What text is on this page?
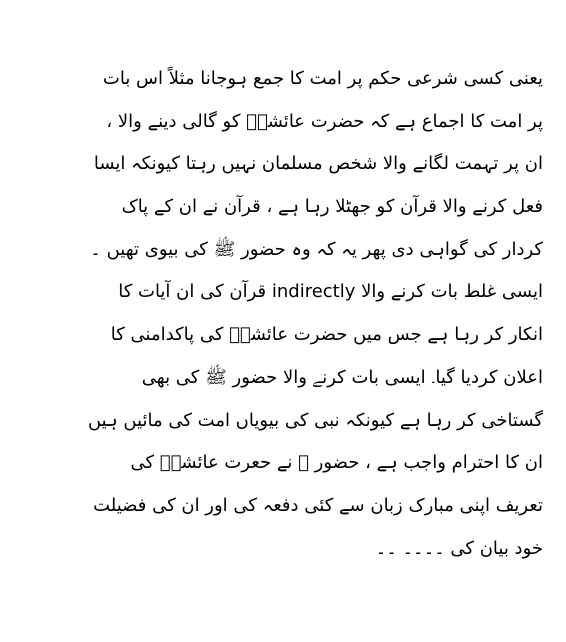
یعنی کسی شرعی حکم پر امت کا جمع ہوجانا مثلاً اس بات
پر امت کا اجماع ہے کہ حضرت عائشہؓ کو گالی دینے والا ،
ان پر تہمت لگانے والا شخص مسلمان نہیں رہتا کیونکہ ایسا
فعل کرنے والا قرآن کو جھٹلا رہا ہے ، قرآن نے ان کے پاک
کردار کی گواہی دی پھر یہ کہ وہ حضور ﷺ کی بیوی تھیں ۔
ایسی غلط بات کرنے والا indirectly قرآن کی ان آیات کا
انکار کر رہا ہے جس میں حضرت عائشہؓ کی پاکدامنی کا
اعلان کردیا گیا۔ ایسی بات کرنے والا حضور ﷺ کی بھی
گستاخی کر رہا ہے کیونکہ نبی کی بیویاں امت کی مائیں ہیں
ان کا احترام واجب ہے ، حضور ﷺ نے حعرت عائشہؓ کی
تعریف اپنی مبارک زبان سے کئی دفعہ کی اور ان کی فضیلت
خود بیان کی ۔۔۔۔ ۔۔
